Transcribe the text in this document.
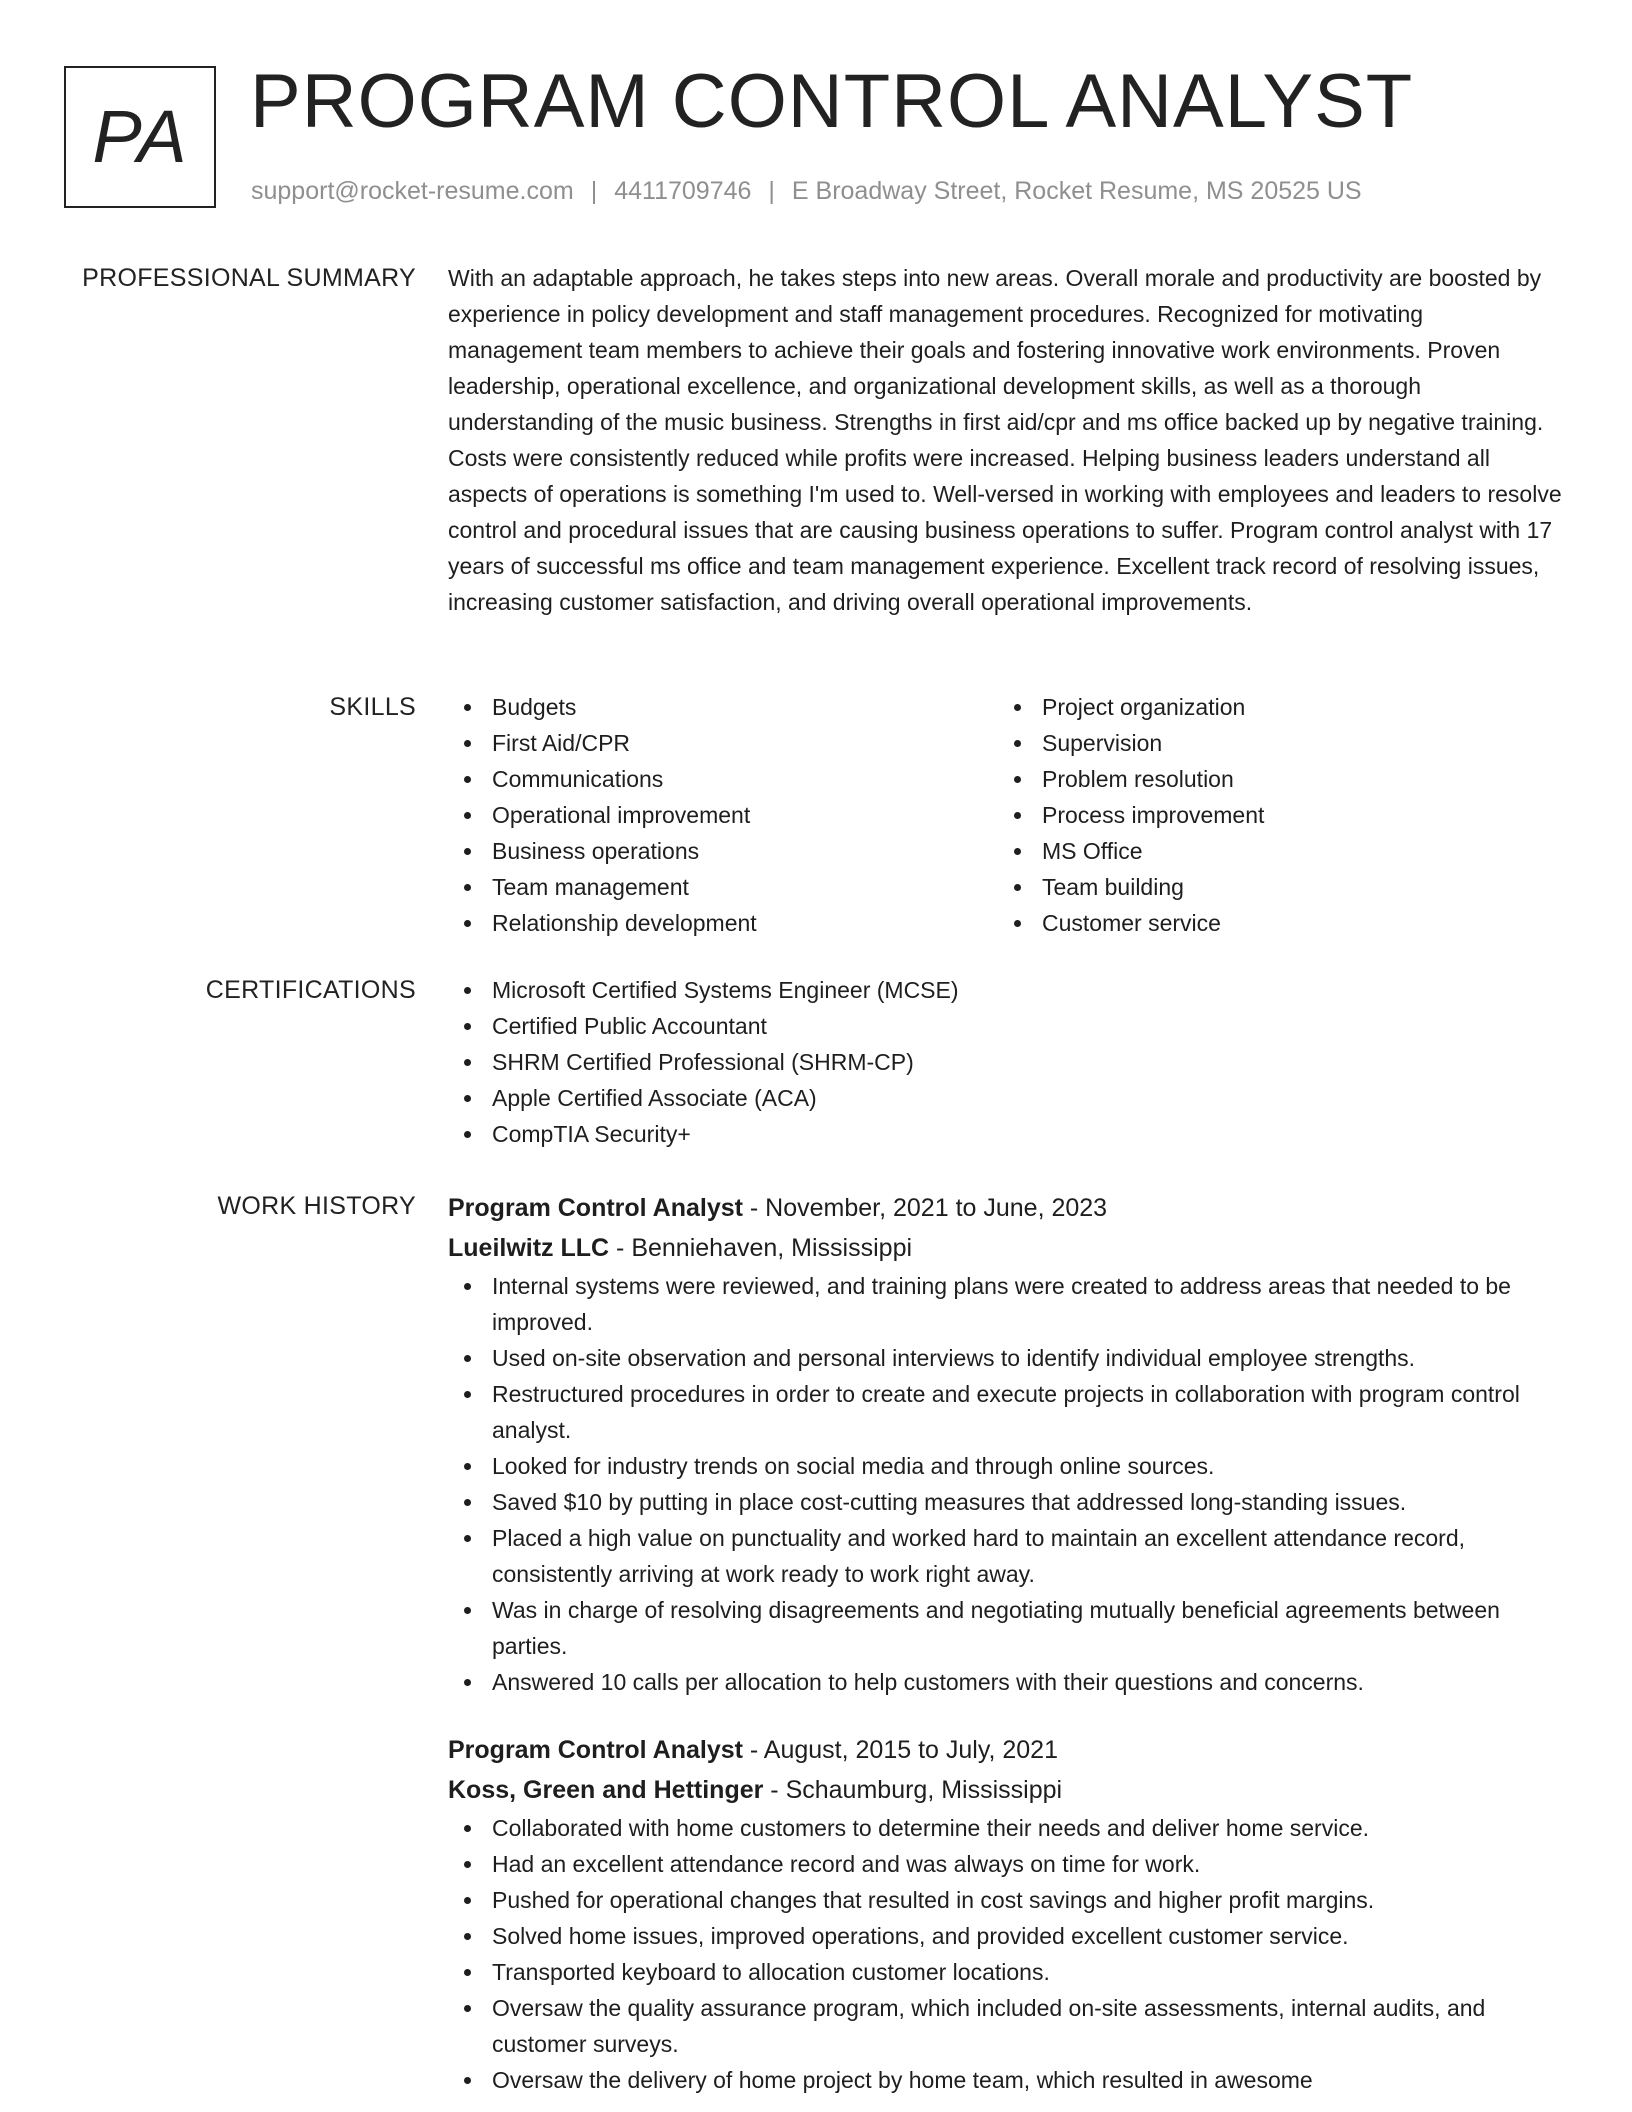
PA PROGRAM CONTROL ANALYST
support@rocket-resume.com | 4411709746 | E Broadway Street, Rocket Resume, MS 20525 US
PROFESSIONAL SUMMARY With an adaptable approach, he takes steps into new areas. Overall morale and productivity are boosted by experience in policy development and staff management procedures. Recognized for motivating management team members to achieve their goals and fostering innovative work environments. Proven leadership, operational excellence, and organizational development skills, as well as a thorough understanding of the music business. Strengths in first aid/cpr and ms office backed up by negative training. Costs were consistently reduced while profits were increased. Helping business leaders understand all aspects of operations is something I'm used to. Well-versed in working with employees and leaders to resolve control and procedural issues that are causing business operations to suffer. Program control analyst with 17 years of successful ms office and team management experience. Excellent track record of resolving issues, increasing customer satisfaction, and driving overall operational improvements.
SKILLS	Budgets
First Aid/CPR
Communications
Operational improvement
Business operations
Team management
Relationship development
Project organization
Supervision
Problem resolution
Process improvement
MS Office
Team building
Customer service
CERTIFICATIONS	Microsoft Certified Systems Engineer (MCSE)
Certified Public Accountant
SHRM Certified Professional (SHRM-CP)
Apple Certified Associate (ACA)
CompTIA Security+
WORK HISTORY Program Control Analyst - November, 2021 to June, 2023
Lueilwitz LLC - Benniehaven, Mississippi
Internal systems were reviewed, and training plans were created to address areas that needed to be improved.
Used on-site observation and personal interviews to identify individual employee strengths.
Restructured procedures in order to create and execute projects in collaboration with program control analyst.
Looked for industry trends on social media and through online sources.
Saved $10 by putting in place cost-cutting measures that addressed long-standing issues.
Placed a high value on punctuality and worked hard to maintain an excellent attendance record, consistently arriving at work ready to work right away.
Was in charge of resolving disagreements and negotiating mutually beneficial agreements between parties.
Answered 10 calls per allocation to help customers with their questions and concerns.
Program Control Analyst - August, 2015 to July, 2021
Koss, Green and Hettinger - Schaumburg, Mississippi
Collaborated with home customers to determine their needs and deliver home service.
Had an excellent attendance record and was always on time for work.
Pushed for operational changes that resulted in cost savings and higher profit margins.
Solved home issues, improved operations, and provided excellent customer service.
Transported keyboard to allocation customer locations.
Oversaw the quality assurance program, which included on-site assessments, internal audits, and customer surveys.
Oversaw the delivery of home project by home team, which resulted in awesome
